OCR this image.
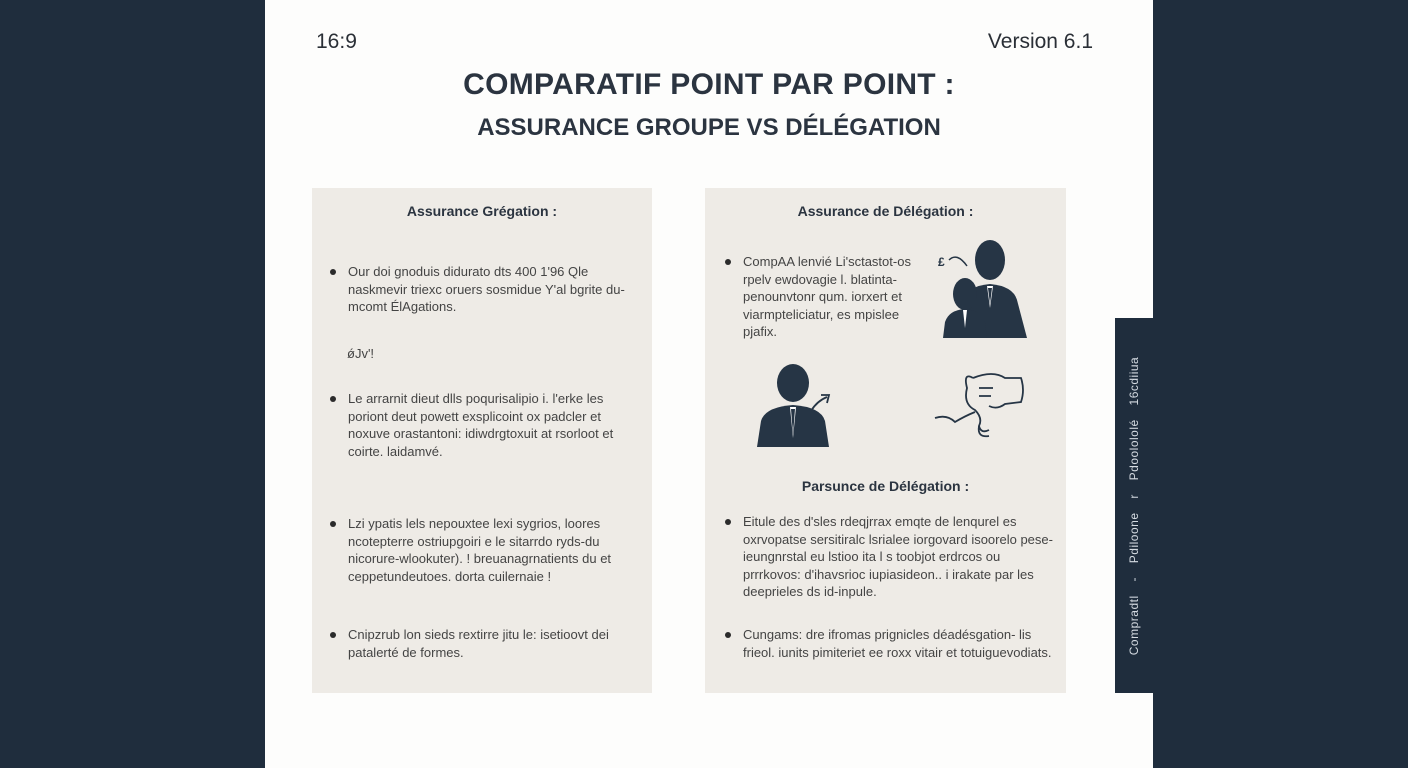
16:9	Version 6.1
COMPARATIF POINT PAR POINT :
ASSURANCE GROUPE VS DÉLÉGATION
Assurance Grégation :
Our doi gnoduis didurato dts 400 1'96 Qle naskmevir triexc oruers sosmidue Y'al bgrite du-mcomt ÉlAgations.
ǿJv'!
Le arrarnit dieut dlls poqurisalipio i. l'erke les poriont deut powett exsplicoint ox padcler et noxuve orastantoni: idiwdrgtoxuit at rsorloot et coirte. laidamvé.
Lzi ypatis lels nepouxtee lexi sygrios, loores ncotepterre ostriupgoiri e le sitarrdo ryds-du nicorure-wlookuter). ! breuanagrnatients du et ceppetundeutoes. dorta cuilernaie !
Cnipzrub lon sieds rextirre jitu le: isetioovt dei patalerté de formes.
Assurance de Délégation :
CompAA lenvié Li'sctastot-os rpelv ewdovagie l. blatinta-penounvtonr qum. iorxert et viarmpteliciatur, es mpislee pjafix.
£
Parsunce de Délégation :
Eitule des d'sles rdeqjrrax emqte de lenqurel es oxrvopatse sersitiralc lsrialee iorgovard isoorelo pese-ieungnrstal eu lstioo ita l s toobjot erdrcos ou prrrkovos: d'ihavsrioc iupiasideon.. i irakate par les deeprieles ds id-inpule.
Cungams: dre ifromas prignicles déadésgation- lis frieol. iunits pimiteriet ee roxx vitair et totuiguevodiats.	Compradtl - Pdiloone r Pdoolololé 16cdiiua
